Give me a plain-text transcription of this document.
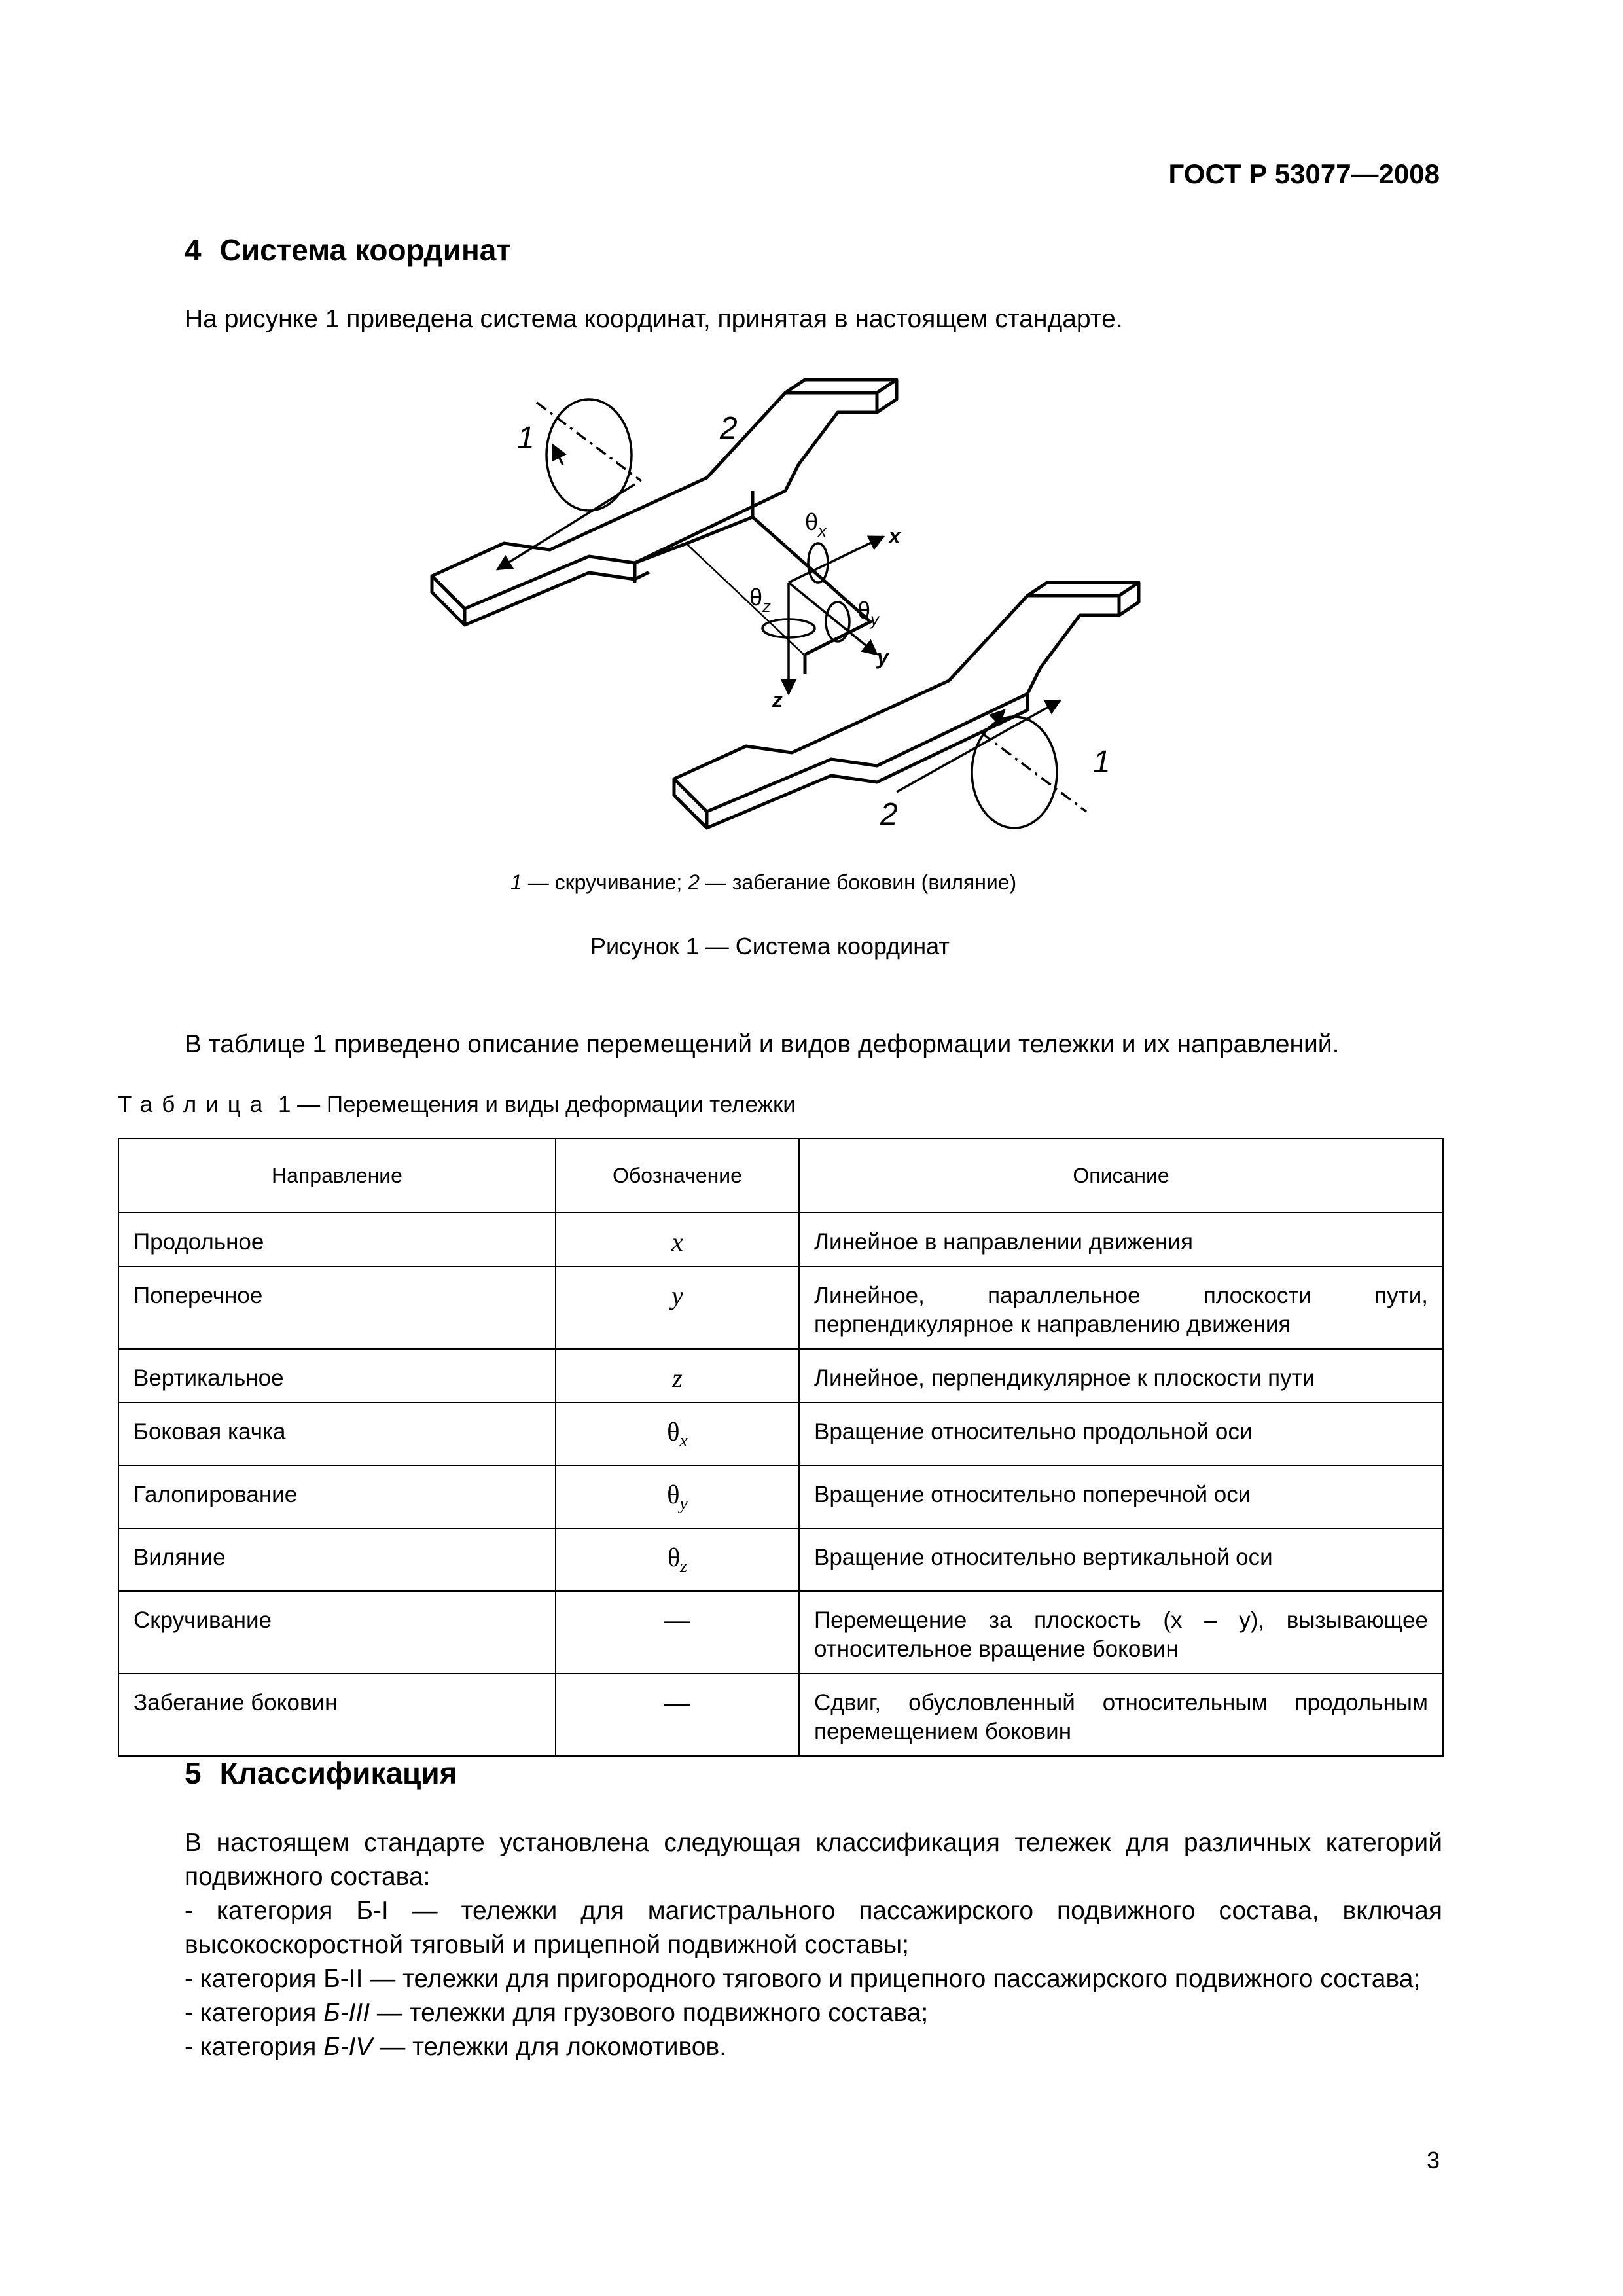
ГОСТ Р 53077—2008
4 Система координат
На рисунке 1 приведена система координат, принятая в настоящем стандарте.
1	2
1
2
$\theta_x$
$\theta_y$
$\theta_z$
x
y
z
1 — скручивание; 2 — забегание боковин (виляние)
Рисунок 1 — Система координат
В таблице 1 приведено описание перемещений и видов деформации тележки и их направлений.
Таблица 1 — Перемещения и виды деформации тележки
Направление	Обозначение	Описание
Продольное	x	Линейное в направлении движения
Поперечное	y	Линейное, параллельное плоскости пути, перпендикулярное к направлению движения
Вертикальное	z	Линейное, перпендикулярное к плоскости пути
Боковая качка	$\theta_x$	Вращение относительно продольной оси
Галопирование	$\theta_y$	Вращение относительно поперечной оси
Виляние	$\theta_z$	Вращение относительно вертикальной оси
Скручивание	—	Перемещение за плоскость (x – y), вызывающее относительное вращение боковин
Забегание боковин	—	Сдвиг, обусловленный относительным продольным перемещением боковин
5 Классификация
В настоящем стандарте установлена следующая классификация тележек для различных категорий подвижного состава:
- категория Б-I — тележки для магистрального пассажирского подвижного состава, включая высокоскоростной тяговый и прицепной подвижной составы;
- категория Б-II — тележки для пригородного тягового и прицепного пассажирского подвижного состава;
- категория Б-III — тележки для грузового подвижного состава;
- категория Б-IV — тележки для локомотивов.
3
